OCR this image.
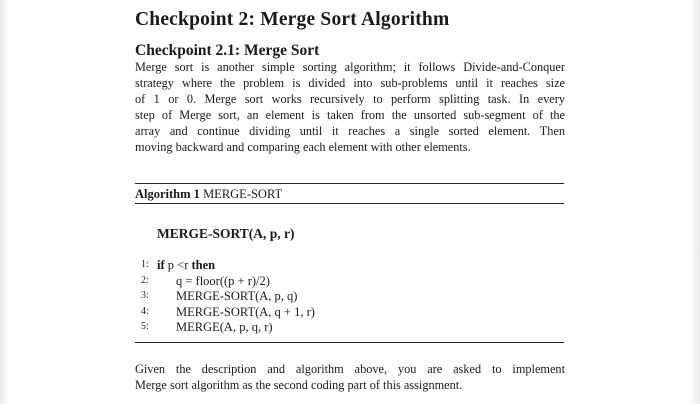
Checkpoint 2: Merge Sort Algorithm
Checkpoint 2.1: Merge Sort
Merge sort is another simple sorting algorithm; it follows Divide-and-Conquer
strategy where the problem is divided into sub-problems until it reaches size
of 1 or 0. Merge sort works recursively to perform splitting task. In every
step of Merge sort, an element is taken from the unsorted sub-segment of the
array and continue dividing until it reaches a single sorted element. Then
moving backward and comparing each element with other elements.
Algorithm 1 MERGE-SORT
MERGE-SORT(A, p, r)
1: if p <r then
2: q = floor((p + r)/2)
3: MERGE-SORT(A, p, q)
4: MERGE-SORT(A, q + 1, r)
5: MERGE(A, p, q, r)
Given the description and algorithm above, you are asked to implement
Merge sort algorithm as the second coding part of this assignment.
